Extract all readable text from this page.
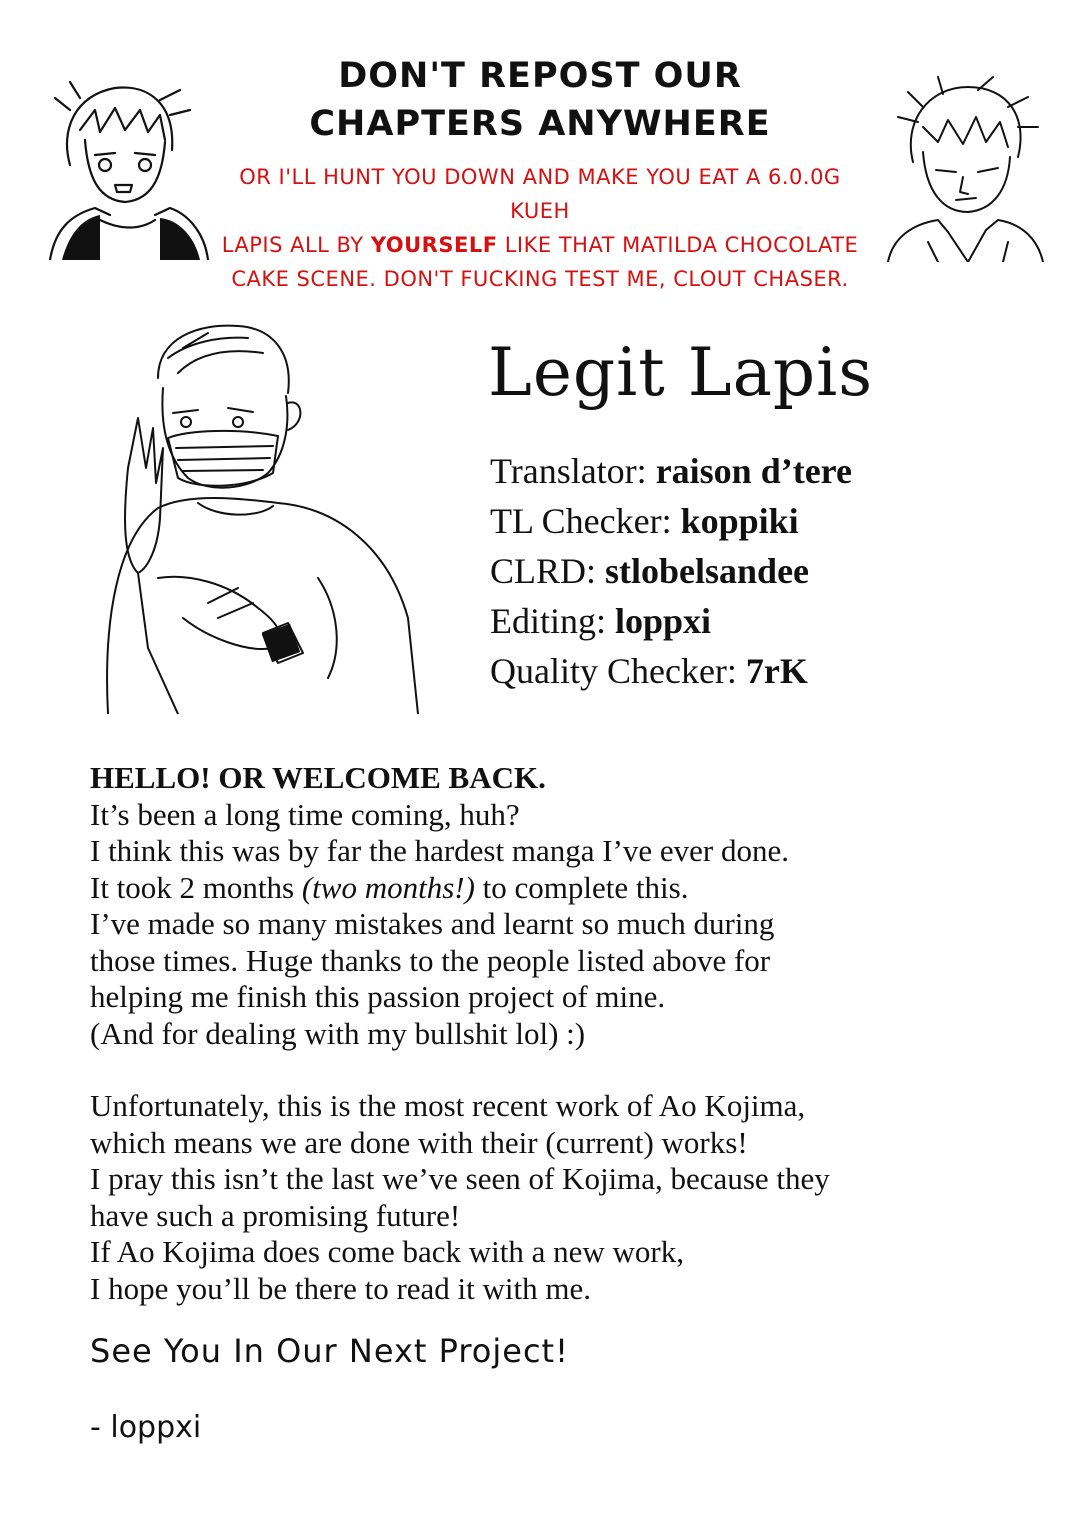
DON'T REPOST OUR
CHAPTERS ANYWHERE
OR I'LL HUNT YOU DOWN AND MAKE YOU EAT A 6.0.0G KUEH
LAPIS ALL BY YOURSELF LIKE THAT MATILDA CHOCOLATE
CAKE SCENE. DON'T FUCKING TEST ME, CLOUT CHASER.
Legit Lapis
Translator: raison d’tere
TL Checker: koppiki
CLRD: stlobelsandee
Editing: loppxi
Quality Checker: 7rK

HELLO! OR WELCOME BACK.

It’s been a long time coming, huh?

I think this was by far the hardest manga I’ve ever done.

It took 2 months (two months!) to complete this.

I’ve made so many mistakes and learnt so much during

those times. Huge thanks to the people listed above for

helping me finish this passion project of mine.

(And for dealing with my bullshit lol) :)

Unfortunately, this is the most recent work of Ao Kojima,

which means we are done with their (current) works!

I pray this isn’t the last we’ve seen of Kojima, because they

have such a promising future!

If Ao Kojima does come back with a new work,

I hope you’ll be there to read it with me.

See You In Our Next Project!
- loppxi
